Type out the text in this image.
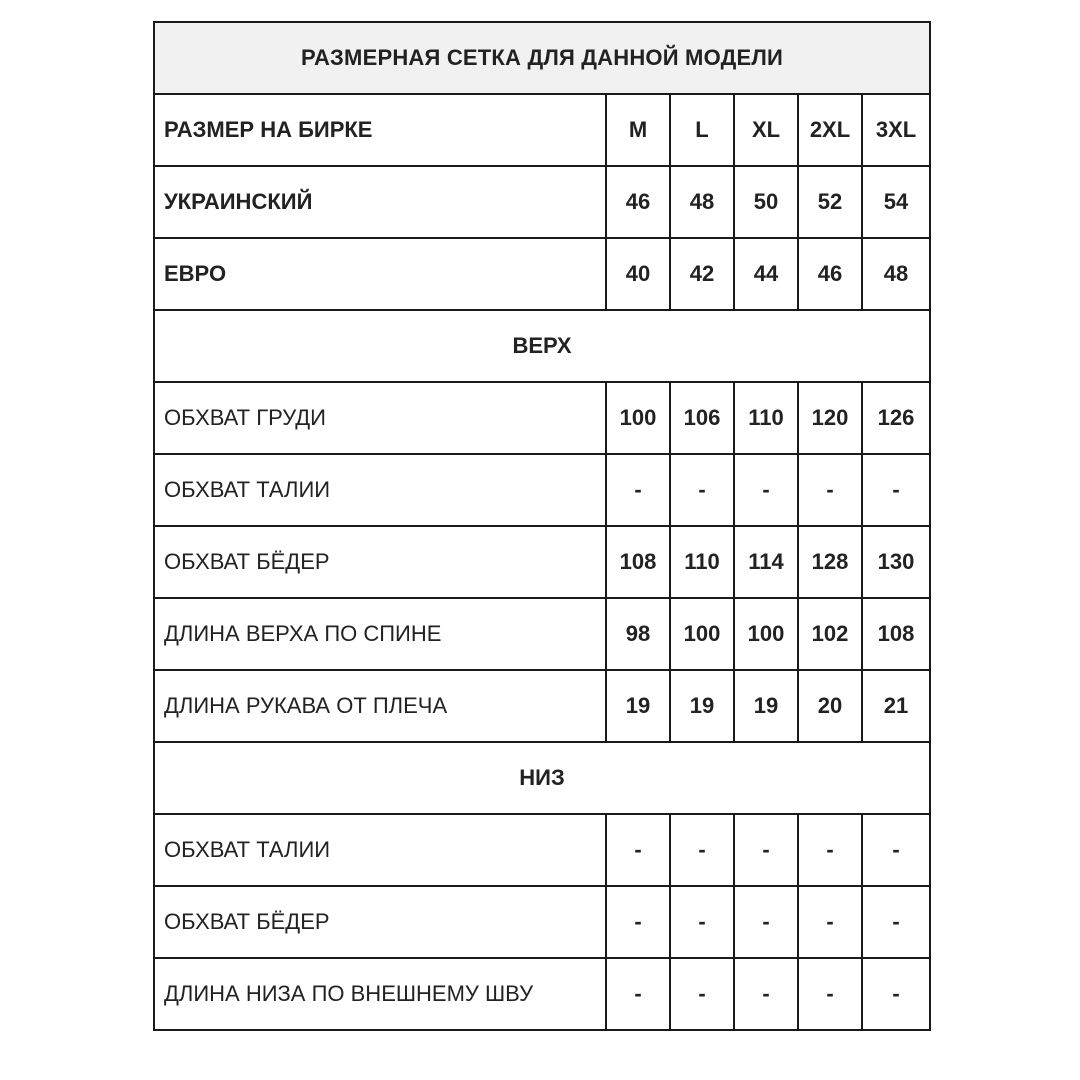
РАЗМЕРНАЯ СЕТКА ДЛЯ ДАННОЙ МОДЕЛИ					
РАЗМЕР НА БИРКЕ	M	L	XL	2XL	3XL
УКРАИНСКИЙ	46	48	50	52	54
ЕВРО	40	42	44	46	48
ВЕРХ					
ОБХВАТ ГРУДИ	100	106	110	120	126
ОБХВАТ ТАЛИИ	-	-	-	-	-
ОБХВАТ БЁДЕР	108	110	114	128	130
ДЛИНА ВЕРХА ПО СПИНЕ	98	100	100	102	108
ДЛИНА РУКАВА ОТ ПЛЕЧА	19	19	19	20	21
НИЗ					
ОБХВАТ ТАЛИИ	-	-	-	-	-
ОБХВАТ БЁДЕР	-	-	-	-	-
ДЛИНА НИЗА ПО ВНЕШНЕМУ ШВУ	-	-	-	-	-
